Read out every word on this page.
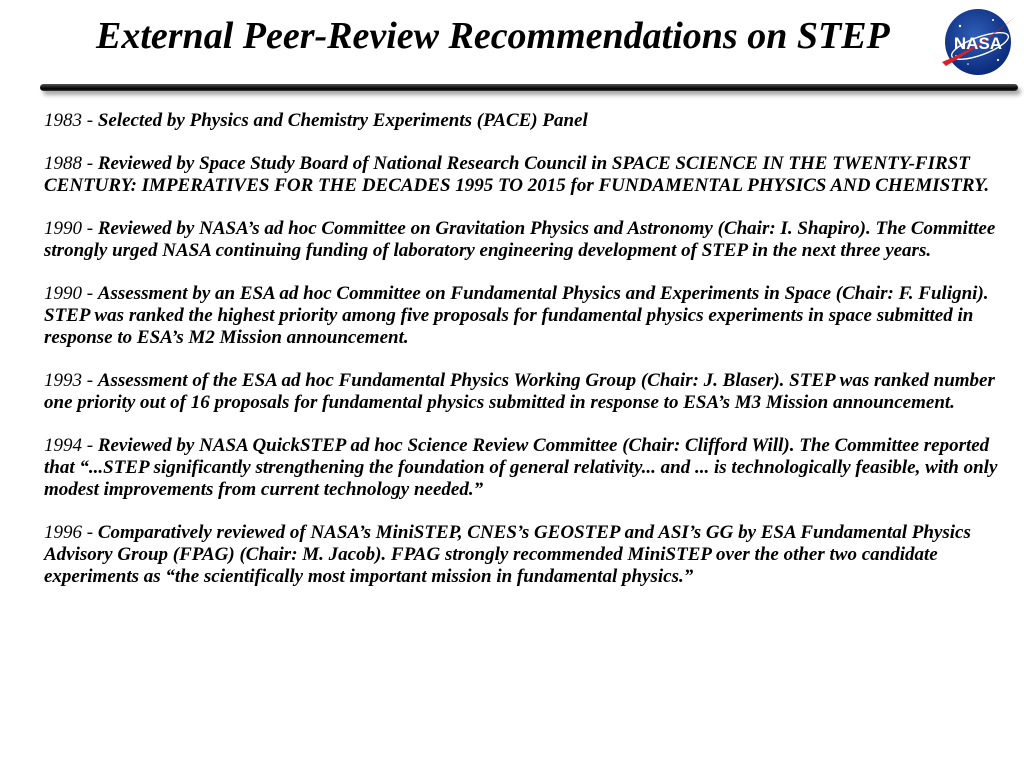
External Peer-Review Recommendations on STEP	NASA

1983 - Selected by Physics and Chemistry Experiments (PACE) Panel

1988 - Reviewed by Space Study Board of National Research Council in SPACE SCIENCE IN THE TWENTY-FIRST CENTURY: IMPERATIVES FOR THE DECADES 1995 TO 2015 for FUNDAMENTAL PHYSICS AND CHEMISTRY.

1990 - Reviewed by NASA’s ad hoc Committee on Gravitation Physics and Astronomy (Chair: I. Shapiro). The Committee strongly urged NASA continuing funding of laboratory engineering development of STEP in the next three years.

1990 - Assessment by an ESA ad hoc Committee on Fundamental Physics and Experiments in Space (Chair: F. Fuligni). STEP was ranked the highest priority among five proposals for fundamental physics experiments in space submitted in response to ESA’s M2 Mission announcement.

1993 - Assessment of the ESA ad hoc Fundamental Physics Working Group (Chair: J. Blaser). STEP was ranked number one priority out of 16 proposals for fundamental physics submitted in response to ESA’s M3 Mission announcement.

1994 - Reviewed by NASA QuickSTEP ad hoc Science Review Committee (Chair: Clifford Will). The Committee reported that “...STEP significantly strengthening the foundation of general relativity... and ... is technologically feasible, with only modest improvements from current technology needed.”

1996 - Comparatively reviewed of NASA’s MiniSTEP, CNES’s GEOSTEP and ASI’s GG by ESA Fundamental Physics Advisory Group (FPAG) (Chair: M. Jacob). FPAG strongly recommended MiniSTEP over the other two candidate experiments as “the scientifically most important mission in fundamental physics.”
